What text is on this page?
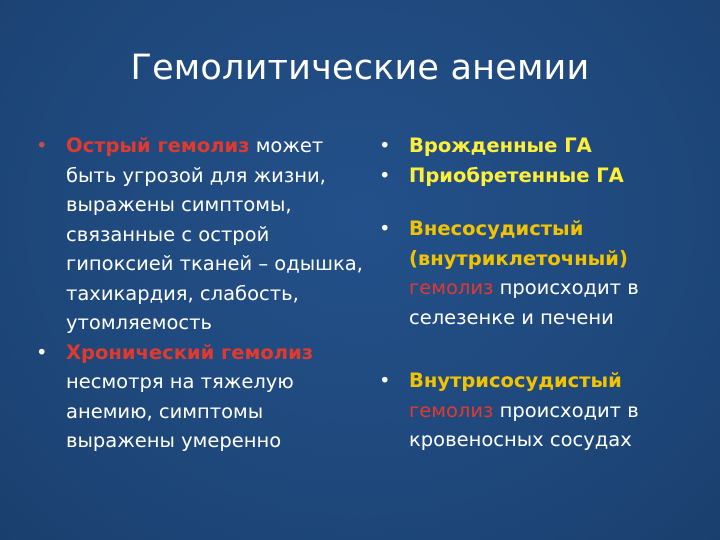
Гемолитические анемии
• Острый гемолиз может быть угрозой для жизни, выражены симптомы, связанные с острой гипоксией тканей – одышка, тахикардия, слабость, утомляемость
• Хронический гемолиз несмотря на тяжелую анемию, симптомы выражены умеренно
• Врожденные ГА
• Приобретенные ГА
• Внесосудистый (внутриклеточный) гемолиз происходит в селезенке и печени
• Внутрисосудистый гемолиз происходит в кровеносных сосудах
